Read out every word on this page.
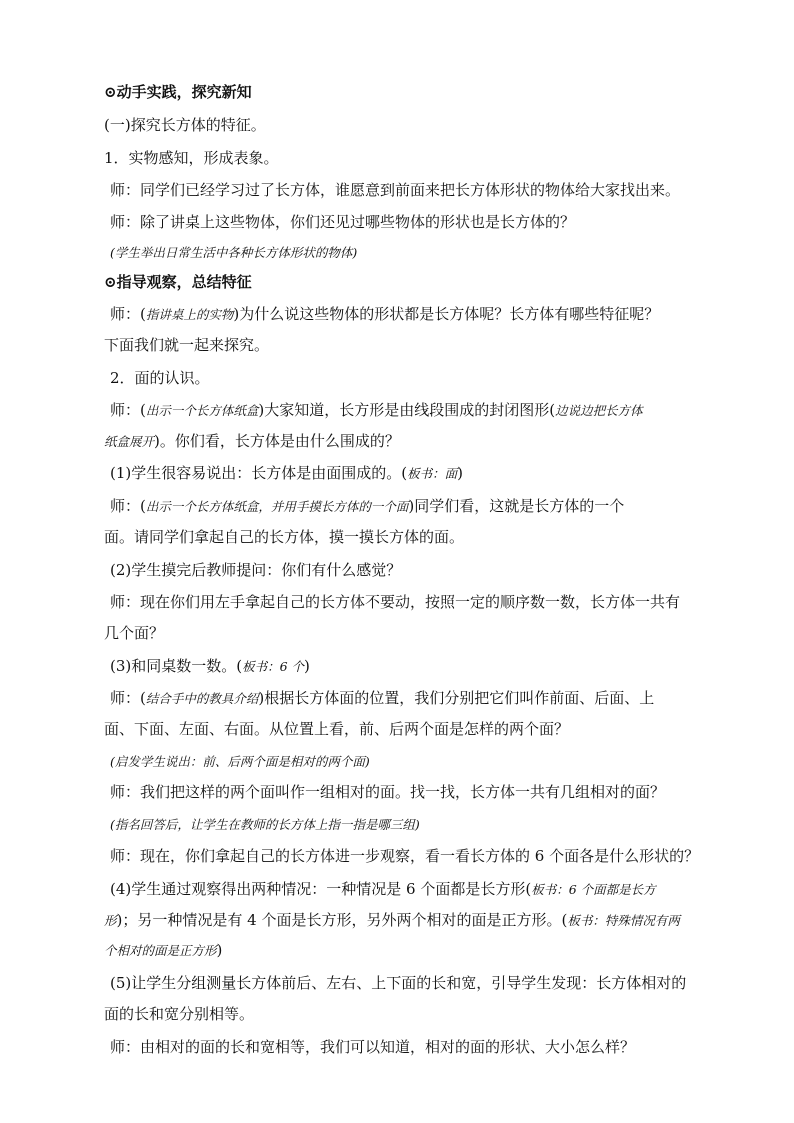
⊙动手实践，探究新知
(一)探究长方体的特征。
1．实物感知，形成表象。
师：同学们已经学习过了长方体，谁愿意到前面来把长方体形状的物体给大家找出来。
师：除了讲桌上这些物体，你们还见过哪些物体的形状也是长方体的？
(学生举出日常生活中各种长方体形状的物体)
⊙指导观察，总结特征
师：(指讲桌上的实物)为什么说这些物体的形状都是长方体呢？长方体有哪些特征呢？
下面我们就一起来探究。
2．面的认识。
师：(出示一个长方体纸盒)大家知道，长方形是由线段围成的封闭图形(边说边把长方体
纸盒展开)。你们看，长方体是由什么围成的？
(1)学生很容易说出：长方体是由面围成的。(板书：面)
师：(出示一个长方体纸盒，并用手摸长方体的一个面)同学们看，这就是长方体的一个
面。请同学们拿起自己的长方体，摸一摸长方体的面。
(2)学生摸完后教师提问：你们有什么感觉？
师：现在你们用左手拿起自己的长方体不要动，按照一定的顺序数一数，长方体一共有
几个面？
(3)和同桌数一数。(板书：6 个)
师：(结合手中的教具介绍)根据长方体面的位置，我们分别把它们叫作前面、后面、上
面、下面、左面、右面。从位置上看，前、后两个面是怎样的两个面？
(启发学生说出：前、后两个面是相对的两个面)
师：我们把这样的两个面叫作一组相对的面。找一找，长方体一共有几组相对的面？
(指名回答后，让学生在教师的长方体上指一指是哪三组)
师：现在，你们拿起自己的长方体进一步观察，看一看长方体的 6 个面各是什么形状的？
(4)学生通过观察得出两种情况：一种情况是 6 个面都是长方形(板书：6 个面都是长方
形)；另一种情况是有 4 个面是长方形，另外两个相对的面是正方形。(板书：特殊情况有两
个相对的面是正方形)
(5)让学生分组测量长方体前后、左右、上下面的长和宽，引导学生发现：长方体相对的
面的长和宽分别相等。
师：由相对的面的长和宽相等，我们可以知道，相对的面的形状、大小怎么样？
